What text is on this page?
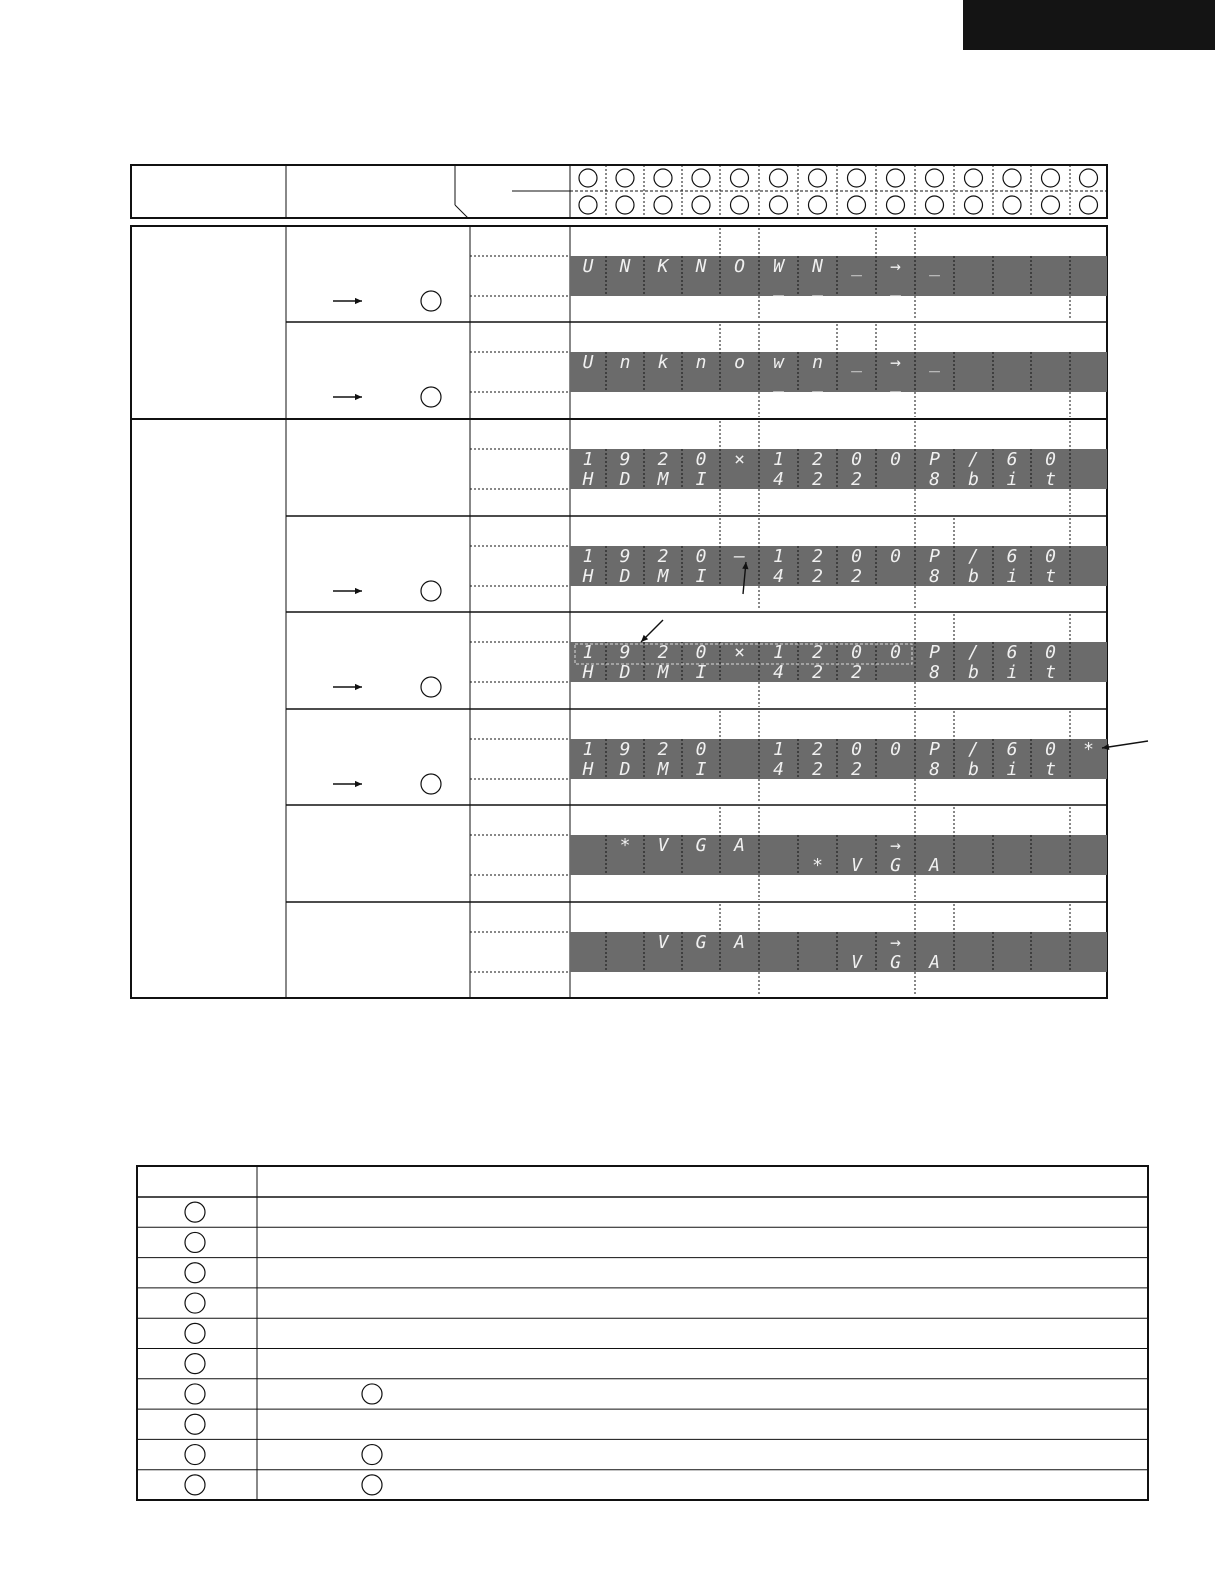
U N K N O W
_
N
_
_ →
_
_
U n k n o w
_
n
_
_ →
_
_
1
H
9
D
2
M
0
I
× 1
4
2
2
0
2
0 P
8
/
b
6
i
0
t
1
H
9
D
2
M
0
I
– 1
4
2
2
0
2
0 P
8
/
b
6
i
0
t
1
H
9
D
2
M
0
I
× 1
4
2
2
0
2
0 P
8
/
b
6
i
0
t
1
H
9
D
2
M
0
I
1
4
2
2
0
2
0 P
8
/
b
6
i
0
t
*
* V G A
* V
→
G A
V G A
V
→
G A
